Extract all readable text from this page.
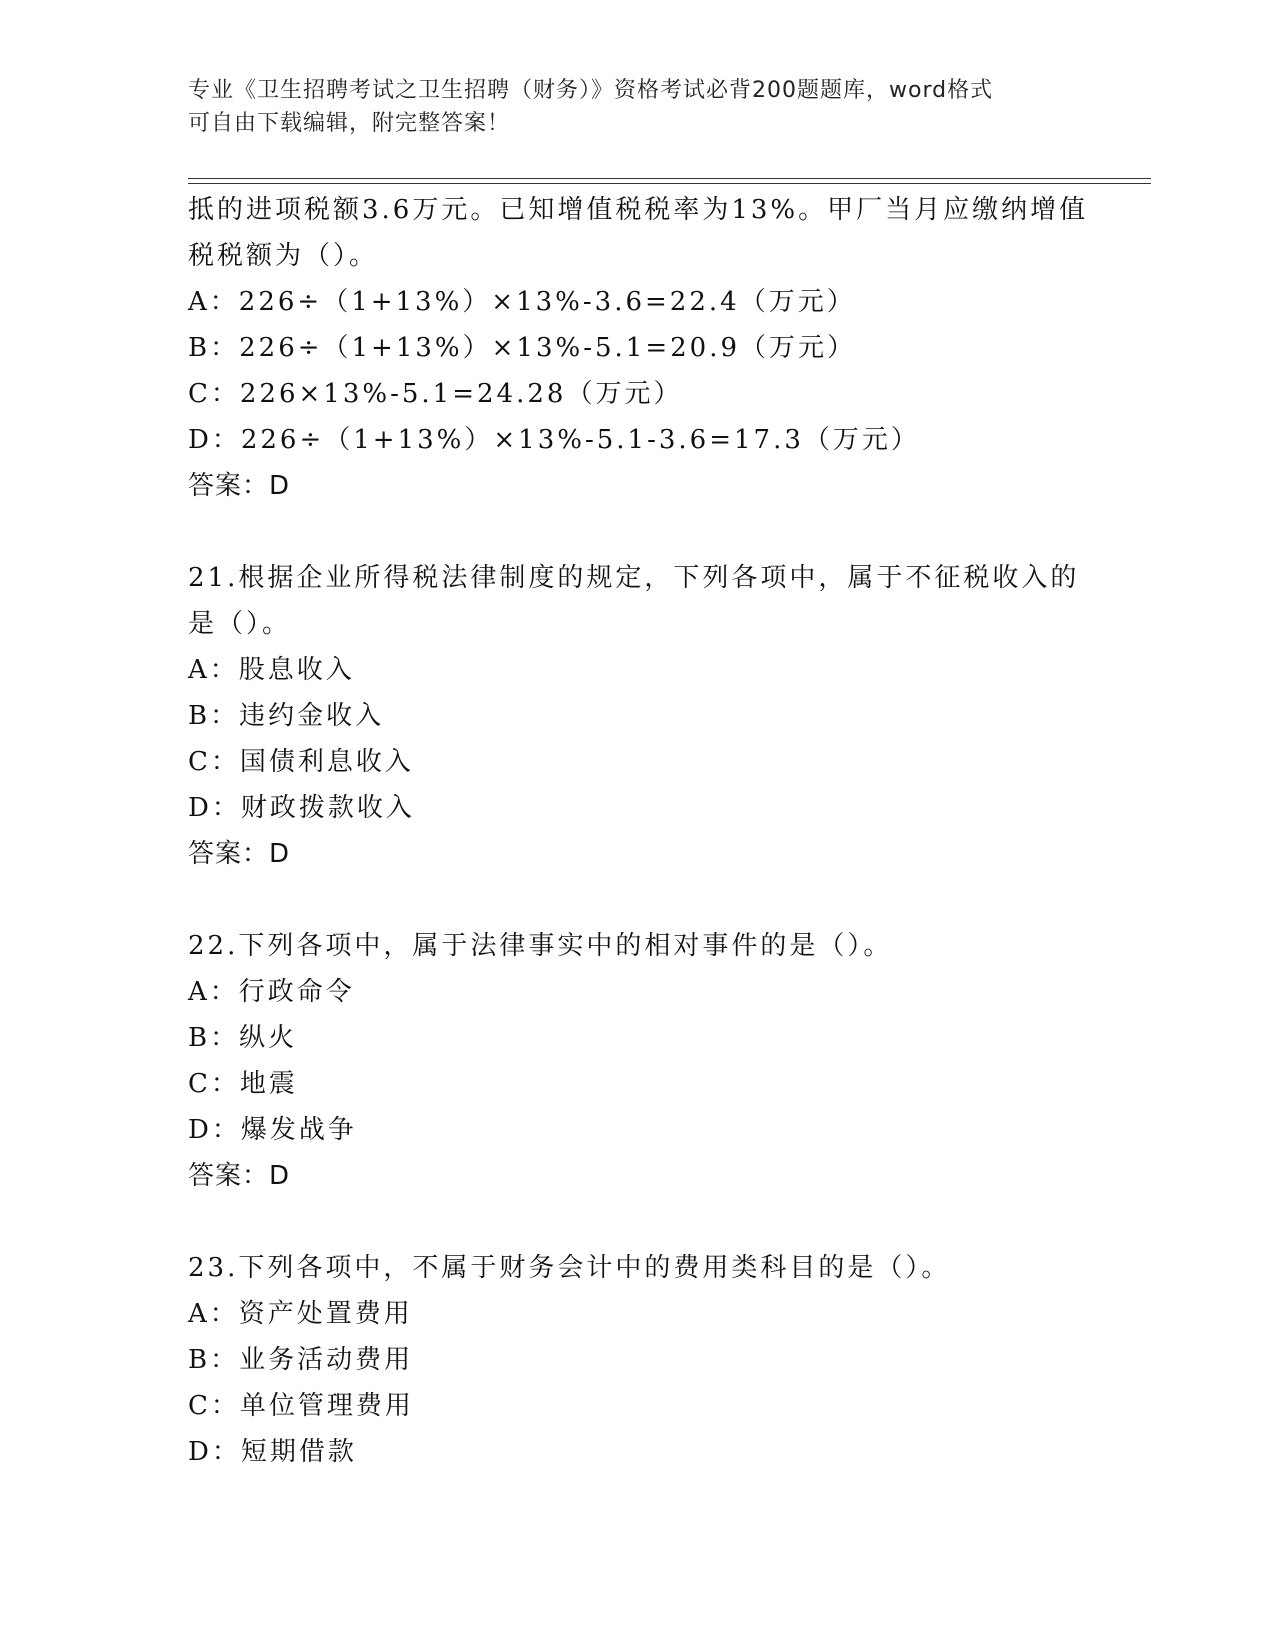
专业《卫生招聘考试之卫生招聘（财务）》资格考试必背200题题库，word格式
可自由下载编辑，附完整答案！
抵的进项税额3.6万元。已知增值税税率为13%。甲厂当月应缴纳增值
税税额为（）。
A：226÷（1+13%）×13%-3.6=22.4（万元）
B：226÷（1+13%）×13%-5.1=20.9（万元）
C：226×13%-5.1=24.28（万元）
D：226÷（1+13%）×13%-5.1-3.6=17.3（万元）
答案：D
21.根据企业所得税法律制度的规定，下列各项中，属于不征税收入的
是（）。
A：股息收入
B：违约金收入
C：国债利息收入
D：财政拨款收入
答案：D
22.下列各项中，属于法律事实中的相对事件的是（）。
A：行政命令
B：纵火
C：地震
D：爆发战争
答案：D
23.下列各项中，不属于财务会计中的费用类科目的是（）。
A：资产处置费用
B：业务活动费用
C：单位管理费用
D：短期借款
